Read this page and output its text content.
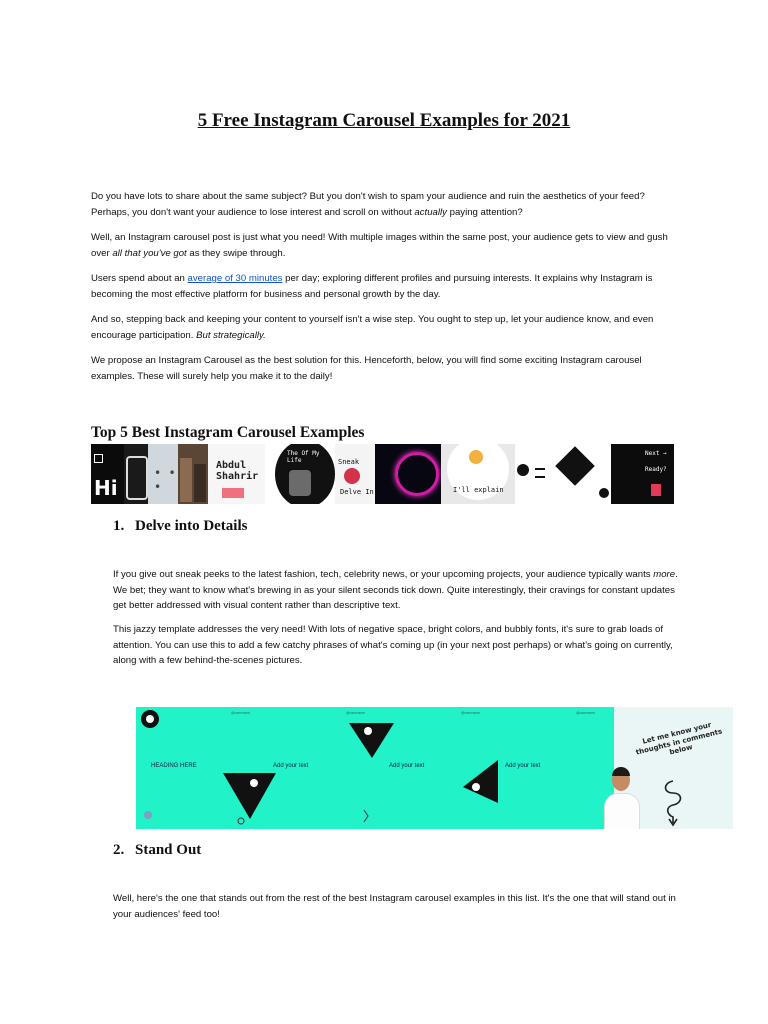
5 Free Instagram Carousel Examples for 2021

Do you have lots to share about the same subject? But you don't wish to spam your audience and ruin the aesthetics of your feed? Perhaps, you don't want your audience to lose interest and scroll on without actually paying attention?

Well, an Instagram carousel post is just what you need! With multiple images within the same post, your audience gets to view and gush over all that you've got as they swipe through.

Users spend about an average of 30 minutes per day; exploring different profiles and pursuing interests. It explains why Instagram is becoming the most effective platform for business and personal growth by the day.

And so, stepping back and keeping your content to yourself isn't a wise step. You ought to step up, let your audience know, and even encourage participation. But strategically.

We propose an Instagram Carousel as the best solution for this. Henceforth, below, you will find some exciting Instagram carousel examples. These will surely help you make it to the daily!

Top 5 Best Instagram Carousel Examples
Hi
• • •
Abdul
Shahrir
The Of My Life	Sneak
Delve In	I'll explain
Next →
Ready?
1. Delve into Details

If you give out sneak peeks to the latest fashion, tech, celebrity news, or your upcoming projects, your audience typically wants more. We bet; they want to know what's brewing in as your silent seconds tick down. Quite interestingly, their cravings for constant updates get better addressed with visual content rather than descriptive text.

This jazzy template addresses the very need! With lots of negative space, bright colors, and bubbly fonts, it's sure to grab loads of attention. You can use this to add a few catchy phrases of what's coming up (in your next post perhaps) or what's going on currently, along with a few behind-the-scenes pictures.

@username	@username	@username	@username
HEADING HERE	Add your text	Add your text	Add your text
Let me know your thoughts in comments below
2. Stand Out

Well, here's the one that stands out from the rest of the best Instagram carousel examples in this list. It's the one that will stand out in your audiences' feed too!
